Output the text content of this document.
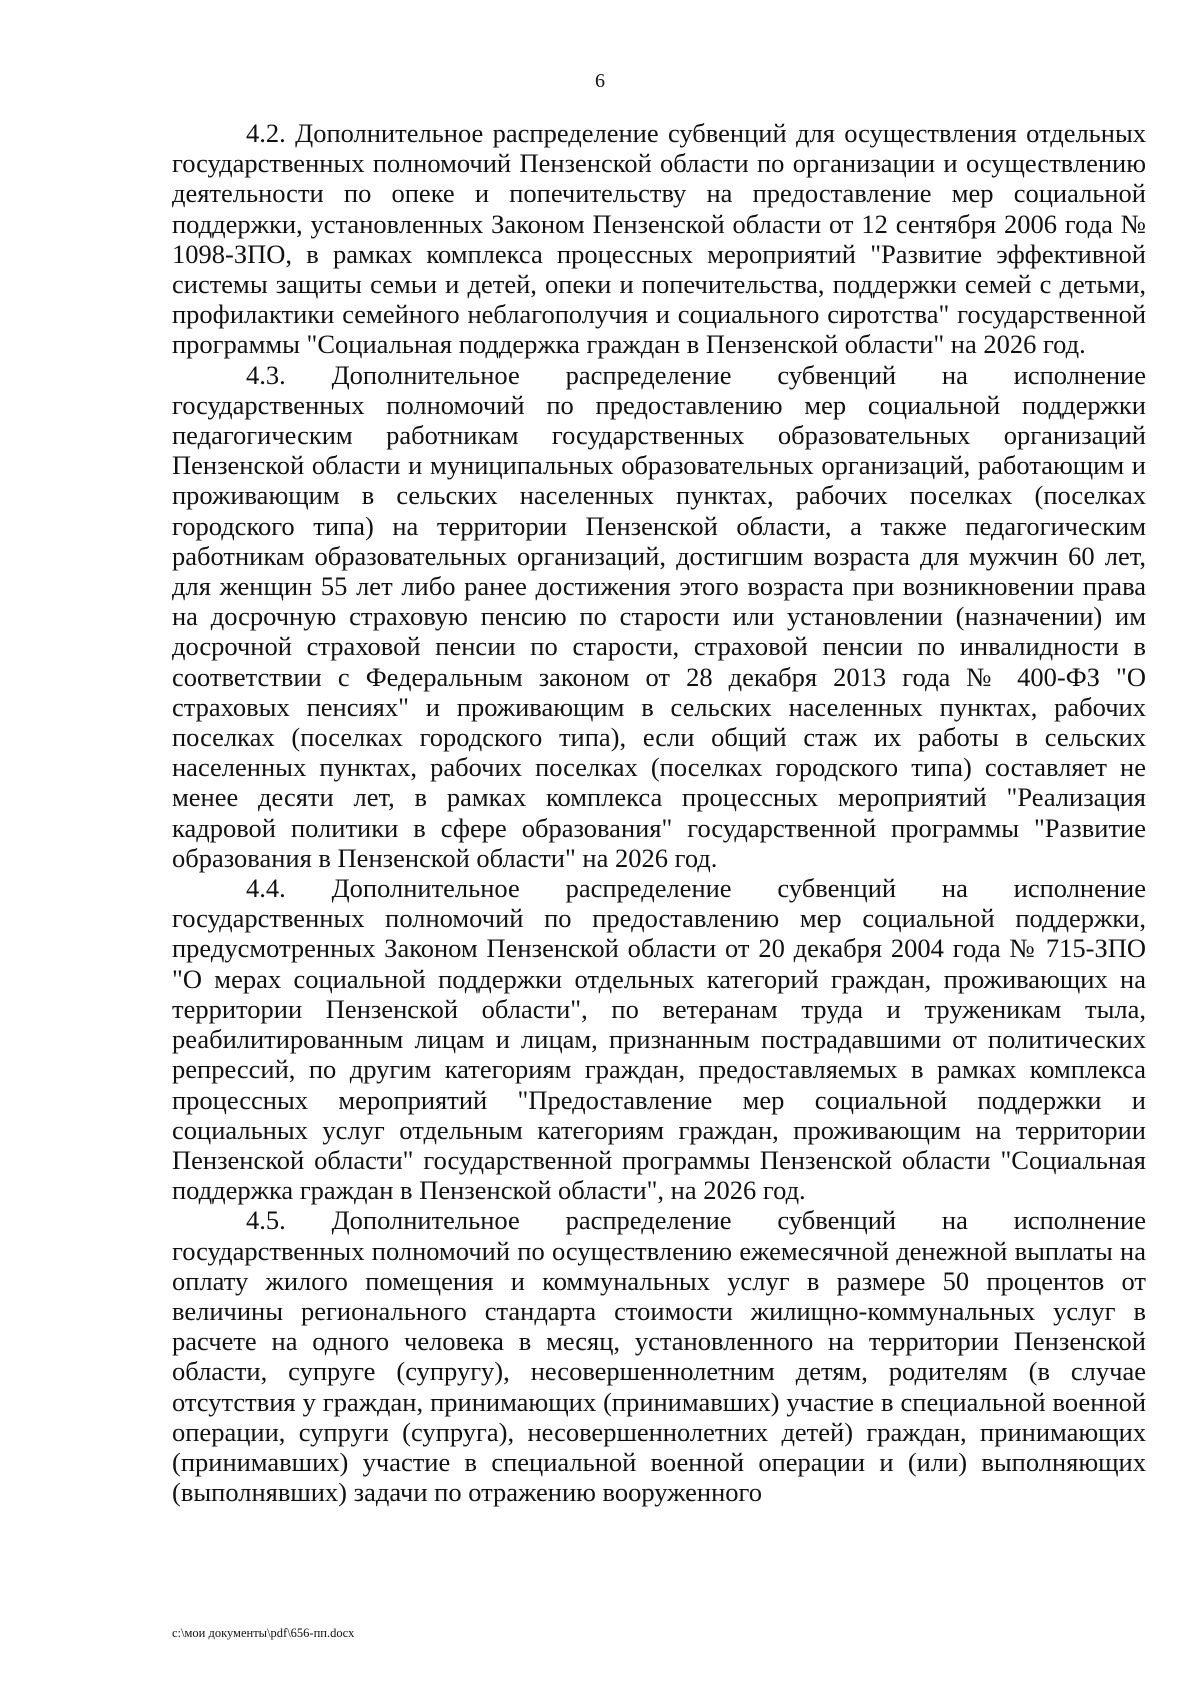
6

4.2. Дополнительное распределение субвенций для осуществления отдельных государственных полномочий Пензенской области по организации и осуществлению деятельности по опеке и попечительству на предоставление мер социальной поддержки, установленных Законом Пензенской области от 12 сентября 2006 года № 1098-ЗПО, в рамках комплекса процессных мероприятий "Развитие эффективной системы защиты семьи и детей, опеки и попечительства, поддержки семей с детьми, профилактики семейного неблагополучия и социального сиротства" государственной программы "Социальная поддержка граждан в Пензенской области" на 2026 год.

4.3. Дополнительное распределение субвенций на исполнение государственных полномочий по предоставлению мер социальной поддержки педагогическим работникам государственных образовательных организаций Пензенской области и муниципальных образовательных организаций, работающим и проживающим в сельских населенных пунктах, рабочих поселках (поселках городского типа) на территории Пензенской области, а также педагогическим работникам образовательных организаций, достигшим возраста для мужчин 60 лет, для женщин 55 лет либо ранее достижения этого возраста при возникновении права на досрочную страховую пенсию по старости или установлении (назначении) им досрочной страховой пенсии по старости, страховой пенсии по инвалидности в соответствии с Федеральным законом от 28 декабря 2013 года № 400-ФЗ "О страховых пенсиях" и проживающим в сельских населенных пунктах, рабочих поселках (поселках городского типа), если общий стаж их работы в сельских населенных пунктах, рабочих поселках (поселках городского типа) составляет не менее десяти лет, в рамках комплекса процессных мероприятий "Реализация кадровой политики в сфере образования" государственной программы "Развитие образования в Пензенской области" на 2026 год.

4.4. Дополнительное распределение субвенций на исполнение государственных полномочий по предоставлению мер социальной поддержки, предусмотренных Законом Пензенской области от 20 декабря 2004 года № 715-ЗПО "О мерах социальной поддержки отдельных категорий граждан, проживающих на территории Пензенской области", по ветеранам труда и труженикам тыла, реабилитированным лицам и лицам, признанным пострадавшими от политических репрессий, по другим категориям граждан, предоставляемых в рамках комплекса процессных мероприятий "Предоставление мер социальной поддержки и социальных услуг отдельным категориям граждан, проживающим на территории Пензенской области" государственной программы Пензенской области "Социальная поддержка граждан в Пензенской области", на 2026 год.

4.5. Дополнительное распределение субвенций на исполнение государственных полномочий по осуществлению ежемесячной денежной выплаты на оплату жилого помещения и коммунальных услуг в размере 50 процентов от величины регионального стандарта стоимости жилищно-коммунальных услуг в расчете на одного человека в месяц, установленного на территории Пензенской области, супруге (супругу), несовершеннолетним детям, родителям (в случае отсутствия у граждан, принимающих (принимавших) участие в специальной военной операции, супруги (супруга), несовершеннолетних детей) граждан, принимающих (принимавших) участие в специальной военной операции и (или) выполняющих (выполнявших) задачи по отражению вооруженного

c:\мои документы\pdf\656-пп.docx
